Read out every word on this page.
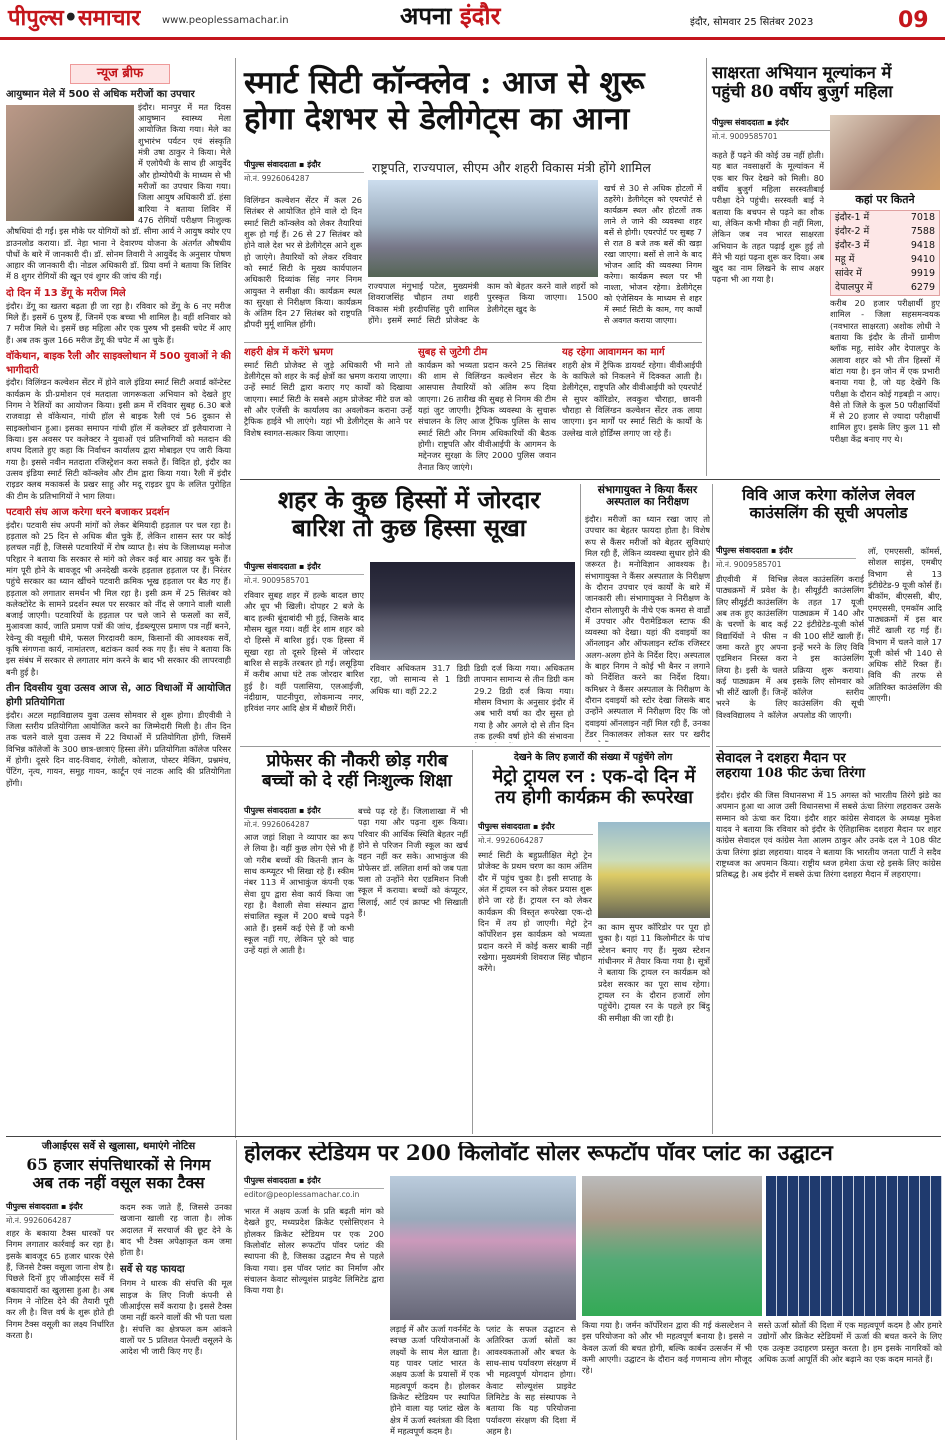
पीपुल्स•समाचार www.peoplessamachar.in	अपना इंदौर	इंदौर, सोमवार 25 सितंबर 2023	09
न्यूज ब्रीफ
आयुष्मान मेले में 500 से अधिक मरीजों का उपचार
इंदौर। मानपुर में मत दिवस आयुष्मान स्वास्थ्य मेला आयोजित किया गया। मेले का शुभारंभ पर्यटन एवं संस्कृति मंत्री उषा ठाकुर ने किया। मेले में एलोपैथी के साथ ही आयुर्वेद और होम्योपैथी के माध्यम से भी मरीजों का उपचार किया गया। जिला आयुष अधिकारी डॉ. हंसा बारिया ने बताया शिविर में 476 रोगियों परीक्षण निःशुल्क औषधियां दी गईं। इस मौके पर योगियों को डॉ. सीमा आर्य ने आयुष क्योर एप डाउनलोड कराया। डॉ. नेहा भाना ने देवारण्य योजना के अंतर्गत औषधीय पौधों के बारे में जानकारी दी। डॉ. सोनम तिवारी ने आयुर्वेद के अनुसार पोषण आहार की जानकारी दी। नोडल अधिकारी डॉ. प्रिया वर्मा ने बताया कि शिविर में 8 शुगर रोगियों की खून एवं शुगर की जांच की गई।
दो दिन में 13 डेंगू के मरीज मिले
इंदौर। डेंगू का खतरा बढ़ता ही जा रहा है। रविवार को डेंगू के 6 नए मरीज मिले हैं। इसमें 6 पुरुष हैं, जिनमें एक बच्चा भी शामिल है। वहीं शनिवार को 7 मरीज मिले थे। इसमें छह महिला और एक पुरुष भी इसकी चपेट में आए हैं। अब तक कुल 166 मरीज डेंगू की चपेट में आ चुके हैं।
वॉकेथान, बाइक रैली और साइक्लोथान में 500 युवाओं ने की भागीदारी
इंदौर। विलिंग्डन कल्वेशन सेंटर में होने वाले इंडिया स्मार्ट सिटी अवार्ड कॉन्टेस्ट कार्यक्रम के प्री-प्रमोशन एवं मतदाता जागरूकता अभियान को देखते हुए निगम ने रैलियों का आयोजन किया। इसी क्रम में रविवार सुबह 6.30 बजे राजवाड़ा से वॉकेथान, गांधी हॉल से बाइक रैली एवं 56 दुकान से साइक्लोथान हुआ। इसका समापन गांधी हॉल में कलेक्टर डॉ इलैयाराजा ने किया। इस अवसर पर कलेक्टर ने युवाओं एवं प्रतिभागियों को मतदान की शपथ दिलाते हुए कहा कि निर्वाचन कार्यालय द्वारा मोबाइल एप जारी किया गया है। इससे नवीन मतदाता रजिस्ट्रेशन करा सकते हैं। विदित हो, इंदौर का उत्सव इंडिया स्मार्ट सिटी कॉन्क्लेव और टीम द्वारा किया गया। रैली में इंदौर राइडर क्लब मकाकर्स के प्रखर साहू और मदू राइडर ग्रुप के ललित पुरोहित की टीम के प्रतिभागियों ने भाग लिया।
पटवारी संघ आज करेगा धरने बजाकर प्रदर्शन
इंदौर। पटवारी संघ अपनी मांगों को लेकर बेमियादी हड़ताल पर चल रहा है। हड़ताल को 25 दिन से अधिक बीत चुके हैं, लेकिन शासन स्तर पर कोई हलचल नहीं है, जिससे पटवारियों में रोष व्याप्त है। संघ के जिलाध्यक्ष मनोज परिहार ने बताया कि सरकार से मांगे को लेकर कई बार आग्रह कर चुके हैं। मांग पूरी होने के बावजूद भी अनदेखी करके हड़ताल हड़ताल पर हैं। निरंतर पहुंचे सरकार का ध्यान खींचने पटवारी क्रमिक भूख हड़ताल पर बैठ गए हैं। हड़ताल को लगातार समर्थन भी मिल रहा है। इसी क्रम में 25 सितंबर को कलेक्टोरेट के सामने प्रदर्शन स्थल पर सरकार को नींद से जगाने वाली थाली बजाई जाएगी। पटवारियों के हड़ताल पर चले जाने से फसलों का सर्वे, मुआवजा कार्य, जाति प्रमाण पत्रों की जांच, ईडब्ल्यूएस प्रमाण पत्र नहीं बनने, रेवेन्यू की वसूली धीमे, फसल गिरदावरी काम, किसानों की आवश्यक सर्वे, कृषि संगणना कार्य, नामांतरण, बटांकन कार्य रुक गए हैं। संघ ने बताया कि इस संबंध में सरकार से लगातार मांग करने के बाद भी सरकार की लापरवाही बनी हुई है।
तीन दिवसीय युवा उत्सव आज से, आठ विधाओं में आयोजित होगी प्रतियोगिता
इंदौर। अटल महाविद्यालय युवा उत्सव सोमवार से शुरू होगा। डीएवीवी ने जिला स्तरीय प्रतियोगिता आयोजित करने का जिम्मेदारी मिली है। तीन दिन तक चलने वाले युवा उत्सव में 22 विधाओं में प्रतियोगिता होंगी, जिसमें विभिन्न कॉलेजों के 300 छात्र-छात्राएं हिस्सा लेंगे। प्रतियोगिता कॉलेज परिसर में होगी। दूसरे दिन वाद-विवाद, रंगोली, कोलाज, पोस्टर मेकिंग, प्रश्नमंच, पेंटिंग, नृत्य, गायन, समूह गायन, कार्टून एवं नाटक आदि की प्रतियोगिता होंगी।
स्मार्ट सिटी कॉन्क्लेव : आज से शुरू
होगा देशभर से डेलीगेट्स का आना
पीपुल्स संवाददाता ▪ इंदौर
मो.नं. 9926064287
राष्ट्रपति, राज्यपाल, सीएम और शहरी विकास मंत्री होंगे शामिल
विलिंग्डन कल्वेशन सेंटर में कल 26 सितंबर से आयोजित होने वाले दो दिन स्मार्ट सिटी कॉन्क्लेव को लेकर तैयारियां शुरू हो गई हैं। 26 से 27 सितंबर को होने वाले देश भर से डेलीगेट्स आने शुरू हो जाएंगे। तैयारियों को लेकर रविवार को स्मार्ट सिटी के मुख्य कार्यपालन अधिकारी दिव्यांक सिंह नगर निगम आयुक्त ने समीक्षा की। कार्यक्रम स्थल का सुरक्षा से निरीक्षण किया। कार्यक्रम के अंतिम दिन 27 सितंबर को राष्ट्रपति द्रौपदी मुर्मू शामिल होंगी।
राज्यपाल मंगुभाई पटेल, मुख्यमंत्री शिवराजसिंह चौहान तथा शहरी विकास मंत्री हरदीपसिंह पुरी शामिल होंगे। इसमें स्मार्ट सिटी प्रोजेक्ट के काम को बेहतर करने वाले शहरों को पुरस्कृत किया जाएगा। 1500 डेलीगेट्स खुद के
खर्च से 30 से अधिक होटलों में ठहरेंगे। डेलीगेट्स को एयरपोर्ट से कार्यक्रम स्थल और होटलों तक लाने ले जाने की व्यवस्था शहर बसें से होगी। एयरपोर्ट पर सुबह 7 से रात 8 बजे तक बसें की खड़ा रखा जाएगा। बसों से लाने के बाद भोजन आदि की व्यवस्था निगम करेगा। कार्यक्रम स्थल पर भी नाश्ता, भोजन रहेगा। डेलीगेट्स को एंजेसियन के माध्यम से शहर में स्मार्ट सिटी के काम, गए कार्यों से अवगत कराया जाएगा।
शहरी क्षेत्र में करेंगे भ्रमण
स्मार्ट सिटी प्रोजेक्ट से जुड़े अधिकारी भी माने तो डेलीगेट्स को शहर के कई क्षेत्रों का भ्रमण कराया जाएगा। उन्हें स्मार्ट सिटी द्वारा कराए गए कार्यों को दिखाया जाएगा। स्मार्ट सिटी के सबसे अहम प्रोजेक्ट मीटे ग्रज को सौ और एजेंसी के कार्यालय का अवलोकन कराना उन्हें ट्रैफिक हाईवे भी लाएंगे। यहां भी डेलीगेट्स के आने पर विशेष स्वागत-सत्कार किया जाएगा।
सुबह से जुटेगी टीम
कार्यक्रम को भव्यता प्रदान करने 25 सितंबर की शाम से विलिंग्डन कल्वेशन सेंटर के आसपास तैयारियों को अंतिम रूप दिया जाएगा। 26 तारीख की सुबह से निगम की टीम यहां जुट जाएगी। ट्रैफिक व्यवस्था के सुचारू संचालन के लिए आज ट्रैफिक पुलिस के साथ स्मार्ट सिटी और निगम अधिकारियों की बैठक होगी। राष्ट्रपति और वीवीआईपी के आगमन के मद्देनजर सुरक्षा के लिए 2000 पुलिस जवान तैनात किए जाएंगे।
यह रहेगा आवागमन का मार्ग
शहरी क्षेत्र में ट्रैफिक डायवर्ट रहेगा। वीवीआईपी के काफिले को निकलने में दिक्कत आती है। डेलीगेट्स, राष्ट्रपति और वीवीआईपी को एयरपोर्ट से सुपर कॉरिडोर, लवकुश चौराहा, छावनी चौराहा से विलिंग्डन कल्वेशन सेंटर तक लाया जाएगा। इन मार्गों पर स्मार्ट सिटी के कार्यों के उल्लेख वाले होर्डिंग्स लगाए जा रहे हैं।
साक्षरता अभियान मूल्यांकन में
पहुंची 80 वर्षीय बुजुर्ग महिला
पीपुल्स संवाददाता ▪ इंदौर
मो.नं. 9009585701
कहते हैं पढ़ने की कोई उम्र नहीं होती। यह बात नवसाक्षरों के मूल्यांकन में एक बार फिर देखने को मिली। 80 वर्षीय बुजुर्ग महिला सरस्वतीबाई परीक्षा देने पहुंची। सरस्वती बाई ने बताया कि बचपन से पढ़ने का शौक था, लेकिन कभी मौका ही नहीं मिला, लेकिन जब नव भारत साक्षरता अभियान के तहत पढ़ाई शुरू हुई तो मैंने भी यहां पढ़ना शुरू कर दिया। अब खुद का नाम लिखने के साथ अक्षर पढ़ना भी आ गया है।
कहां पर कितने
इंदौर-1 में	7018
इंदौर-2 में	7588
इंदौर-3 में	9418
महू में	9410
सांवेर में	9919
देपालपुर में	6279
करीब 20 हजार परीक्षार्थी हुए शामिल - जिला सहसमन्वयक (नवभारत साक्षरता) अशोक लोधी ने बताया कि इंदौर के तीनों ग्रामीण ब्लॉक महू, सांवेर और देपालपुर के अलावा शहर को भी तीन हिस्सों में बांटा गया है। इन जोन में एक प्रभारी बनाया गया है, जो यह देखेंगे कि परीक्षा के दौरान कोई गड़बड़ी न आए। वैसे तो जिले के कुल 50 परीक्षार्थियों में से 20 हजार से ज्यादा परीक्षार्थी शामिल हुए। इसके लिए कुल 11 सौ परीक्षा केंद्र बनाए गए थे।
शहर के कुछ हिस्सों में जोरदार
बारिश तो कुछ हिस्सा सूखा
पीपुल्स संवाददाता ▪ इंदौर
मो.नं. 9009585701
रविवार सुबह शहर में हल्के बादल छाए और धूप भी खिली। दोपहर 2 बजे के बाद हल्की बूंदाबांदी भी हुई, जिसके बाद मौसम खुल गया। वहीं देर शाम शहर को दो हिस्से में बारिश हुई। एक हिस्सा में सूखा रहा तो दूसरे हिस्से में जोरदार बारिश से सड़कें तरबतर हो गई। लसूड़िया में करीब आधा घंटे तक जोरदार बारिश हुई है। वहीं पलासिया, एलआईजी, नंदीग्राम, पाटनीपुरा, लोकमान्य नगर, हरिवंश नगर आदि क्षेत्र में बौछारें गिरीं।
रविवार अधिकतम 31.7 डिग्री रहा, जो सामान्य से 1 डिग्री अधिक था। वहीं 22.2
डिग्री दर्ज किया गया। अधिकतम तापमान सामान्य से तीन डिग्री कम 29.2 डिग्री दर्ज किया गया। मौसम विभाग के अनुसार इंदौर में अब भारी वर्षा का दौर सुस्त हो गया है और अगले दो से तीन दिन तक हल्की वर्षा होने की संभावना
संभागायुक्त ने किया कैंसर
अस्पताल का निरीक्षण
इंदौर। मरीजों का ध्यान रखा जाए तो उपचार का बेहतर फायदा होता है। विशेष रूप से कैंसर मरीजों को बेहतर सुविधाएं मिल रही हैं, लेकिन व्यवस्था सुधार होने की जरूरत है। मनोविज्ञान आवश्यक है। संभागायुक्त ने कैंसर अस्पताल के निरीक्षण के दौरान उपचार एवं कार्यों के बारे में जानकारी ली। संभागायुक्त ने निरीक्षण के दौरान सोलापुरी के नीचे एक कमरा से वार्डों में उपचार और पैरामेडिकल स्टाफ की व्यवस्था को देखा। यहां की दवाइयों का ऑनलाइन और ऑफलाइन स्टॉक रजिस्टर अलग-अलग होने के निर्देश दिए। अस्पताल के बाहर निगम ने कोई भी बैनर न लगाने को निर्देशित करने का निर्देश दिया। कमिश्नर ने कैंसर अस्पताल के निरीक्षण के दौरान दवाइयों को स्टोर देखा जिसके बाद उन्होंने अस्पताल में निरीक्षण दिए कि जो दवाइयां ऑनलाइन नहीं मिल रही हैं, उनका टेंडर निकालकर लोकल स्तर पर खरीद
विवि आज करेगा कॉलेज लेवल
काउंसलिंग की सूची अपलोड
पीपुल्स संवाददाता ▪ इंदौर
मो.नं. 9009585701
डीएवीवी में विभिन्न पाठ्यक्रमों में प्रवेश के लिए सीयूईटी काउंसलिंग अब तक हुए काउंसलिंग के चरणों के बाद कई विद्यार्थियों ने फीस न जमा करते हुए अपना एडमिशन निरस्त करा लिया है। इसी के चलते कई पाठ्यक्रम में अब भी सीटें खाली हैं। जिन्हें भरने के लिए विश्वविद्यालय ने कॉलेज लेवल काउंसलिंग कराई है। सीयूईटी काउंसलिंग के तहत 17 यूजी पाठ्यक्रम में 140 और 22 इंटीग्रेटेड-यूजी कोर्स की 100 सीटें खाली हैं। इन्हें भरने के लिए विवि ने इस काउंसलिंग प्रक्रिया शुरू कराया। इसके लिए सोमवार को कॉलेज स्तरीय काउंसलिंग की सूची अपलोड की जाएगी।
लॉ, एमएससी, कॉमर्स, सोशल साइंस, एमबीए विभाग से 13 इंटीग्रेटेड-9 यूजी कोर्स हैं। बीकॉम, बीएससी, बीए, एमएससी, एमकॉम आदि पाठ्यक्रमों में इस बार सीटें खाली रह गई हैं। विभाग में चलने वाले 17 यूजी कोर्स भी 140 से अधिक सीटें रिक्त हैं। विवि की तरफ से अतिरिक्त काउंसलिंग की जाएगी।
प्रोफेसर की नौकरी छोड़ गरीब
बच्चों को दे रहीं निःशुल्क शिक्षा
पीपुल्स संवाददाता ▪ इंदौर
मो.नं. 9926064287
आज जहां शिक्षा ने व्यापार का रूप ले लिया है। वहीं कुछ लोग ऐसे भी हैं जो गरीब बच्चों की कितनी ज्ञान के साथ कम्प्यूटर भी सिखा रहे हैं। स्कीम नंबर 113 में आभाकुंज कंपनी एक सेवा ग्रुप द्वारा सेवा कार्य किया जा रहा है। वैशाली सेवा संस्थान द्वारा संचालित स्कूल में 200 बच्चे पढ़ने आते हैं। इसमें कई ऐसे हैं जो कभी स्कूल नहीं गए, लेकिन पूरे को चाह उन्हें यहां ले आती है।
बच्चे पढ़ रहे हैं। जिलाशाखा में भी पढ़ा गया और पढ़ना शुरू किया। परिवार की आर्थिक स्थिति बेहतर नहीं होने से परिजन निजी स्कूल का खर्च वहन नहीं कर सके। आभाकुंज की प्रोफेसर डॉ. ललिता शर्मा को जब पता चला तो उन्होंने मेरा एडमिशन निजी स्कूल में कराया। बच्चों को कंप्यूटर, सिलाई, आर्ट एवं क्राफ्ट भी सिखाती हैं।
देखने के लिए हजारों की संख्या में पहुंचेंगे लोग
मेट्रो ट्रायल रन : एक-दो दिन में
तय होगी कार्यक्रम की रूपरेखा
पीपुल्स संवाददाता ▪ इंदौर
मो.नं. 9926064287
स्मार्ट सिटी के बहुप्रतीक्षित मेट्रो ट्रेन प्रोजेक्ट के प्रथम चरण का काम अंतिम दौर में पहुंच चुका है। इसी सप्ताह के अंत में ट्रायल रन को लेकर प्रयास शुरू होने जा रहे हैं। ट्रायल रन को लेकर कार्यक्रम की विस्तृत रूपरेखा एक-दो दिन में तय हो जाएगी। मेट्रो ट्रेन कॉर्पोरेशन इस कार्यक्रम को भव्यता प्रदान करने में कोई कसर बाकी नहीं रखेगा। मुख्यमंत्री शिवराज सिंह चौहान करेंगे।
का काम सुपर कॉरिडोर पर पूरा हो चुका है। यहां 11 किलोमीटर के पांच स्टेशन बनाए गए हैं। मुख्य स्टेशन गांधीनगर में तैयार किया गया है। सूत्रों ने बताया कि ट्रायल रन कार्यक्रम को प्रदेश सरकार का पूरा साथ रहेगा। ट्रायल रन के दौरान हजारों लोग पहुंचेंगे। ट्रायल रन के पहले हर बिंदु की समीक्षा की जा रही है।
सेवादल ने दशहरा मैदान पर
लहराया 108 फीट ऊंचा तिरंगा
इंदौर। इंदौर की जिस विधानसभा में 15 अगस्त को भारतीय तिरंगे झंडे का अपमान हुआ था आज उसी विधानसभा में सबसे ऊंचा तिरंगा लहराकर उसके सम्मान को ऊंचा कर दिया। इंदौर शहर कांग्रेस सेवादल के अध्यक्ष मुकेश यादव ने बताया कि रविवार को इंदौर के ऐतिहासिक दशहरा मैदान पर शहर कांग्रेस सेवादल एवं कांग्रेस नेता आलम ठाकुर और उनके दल ने 108 फीट ऊंचा तिरंगा झंडा लहराया। यादव ने बताया कि भारतीय जनता पार्टी ने सदैव राष्ट्रध्वज का अपमान किया। राष्ट्रीय ध्वज हमेशा ऊंचा रहे इसके लिए कांग्रेस प्रतिबद्ध है। अब इंदौर में सबसे ऊंचा तिरंगा दशहरा मैदान में लहराएगा।
जीआईएस सर्वे से खुलासा, थमाएंगे नोटिस
65 हजार संपत्तिधारकों से निगम
अब तक नहीं वसूल सका टैक्स
पीपुल्स संवाददाता ▪ इंदौर
मो.नं. 9926064287
शहर के बकाया टैक्स धारकों पर निगम लगातार कार्रवाई कर रहा है। इसके बावजूद 65 हजार धारक ऐसे हैं, जिनसे टैक्स वसूला जाना शेष है। पिछले दिनों हुए जीआईएस सर्वे में बकायादारों का खुलासा हुआ है। अब निगम ने नोटिस देने की तैयारी पूरी कर ली है। वित्त वर्ष के शुरू होते ही निगम टैक्स वसूली का लक्ष्य निर्धारित करता है।
कदम रुक जाते हैं, जिससे उनका खजाना खाली रह जाता है। लोक अदालत में सरचार्ज की छूट देने के बाद भी टैक्स अपेक्षाकृत कम जमा होता है।
सर्वे से यह फायदा
निगम ने धारक की संपत्ति की मूल साइज के लिए निजी कंपनी से जीआईएस सर्वे कराया है। इससे टैक्स जमा नहीं करने वालों की भी पता चला है। संपत्ति का क्षेत्रफल कम आंकने वालों पर 5 प्रतिशत पेनल्टी वसूलने के आदेश भी जारी किए गए हैं।
होलकर स्टेडियम पर 200 किलोवॉट सोलर रूफटॉप पॉवर प्लांट का उद्घाटन
पीपुल्स संवाददाता ▪ इंदौर
editor@peoplessamachar.co.in
भारत में अक्षय ऊर्जा के प्रति बढ़ती मांग को देखते हुए, मध्यप्रदेश क्रिकेट एसोसिएशन ने होलकर क्रिकेट स्टेडियम पर एक 200 किलोवॉट सोलर रूफटॉप पॉवर प्लांट की स्थापना की है, जिसका उद्घाटन मैच से पहले किया गया। इस पॉवर प्लांट का निर्माण और संचालन केवाट सोल्यूशंस प्राइवेट लिमिटेड द्वारा किया गया है।
लड़ाई में और ऊर्जा गवर्नमेंट के स्वच्छ ऊर्जा परियोजनाओं के लक्ष्यों के साथ मेल खाता है। यह पावर प्लांट भारत के अक्षय ऊर्जा के प्रयासों में एक महत्वपूर्ण कदम है। होलकर क्रिकेट स्टेडियम पर स्थापित होने वाला यह प्लांट खेल के क्षेत्र में ऊर्जा स्वतंत्रता की दिशा में महत्वपूर्ण कदम है।
प्लांट के सफल उद्घाटन से अतिरिक्त ऊर्जा स्रोतों का आवश्यकताओं और बचत के साथ-साथ पर्यावरण संरक्षण में भी महत्वपूर्ण योगदान होगा। केवाट सोल्यूशंस प्राइवेट लिमिटेड के सह संस्थापक ने बताया कि यह परियोजना पर्यावरण संरक्षण की दिशा में अहम है।
किया गया है। जर्मन कॉर्पोरेशन द्वारा की गई कंसल्टेशन ने इस परियोजना को और भी महत्वपूर्ण बनाया है। इससे न केवल ऊर्जा की बचत होगी, बल्कि कार्बन उत्सर्जन में भी कमी आएगी। उद्घाटन के दौरान कई गणमान्य लोग मौजूद रहे।
सस्ते ऊर्जा स्रोतों की दिशा में एक महत्वपूर्ण कदम है और हमारे उद्योगों और क्रिकेट स्टेडियमों में ऊर्जा की बचत करने के लिए एक उत्कृष्ट उदाहरण प्रस्तुत करता है। हम इसके नागरिकों को अधिक ऊर्जा आपूर्ति की ओर बढ़ाने का एक कदम मानते हैं।
